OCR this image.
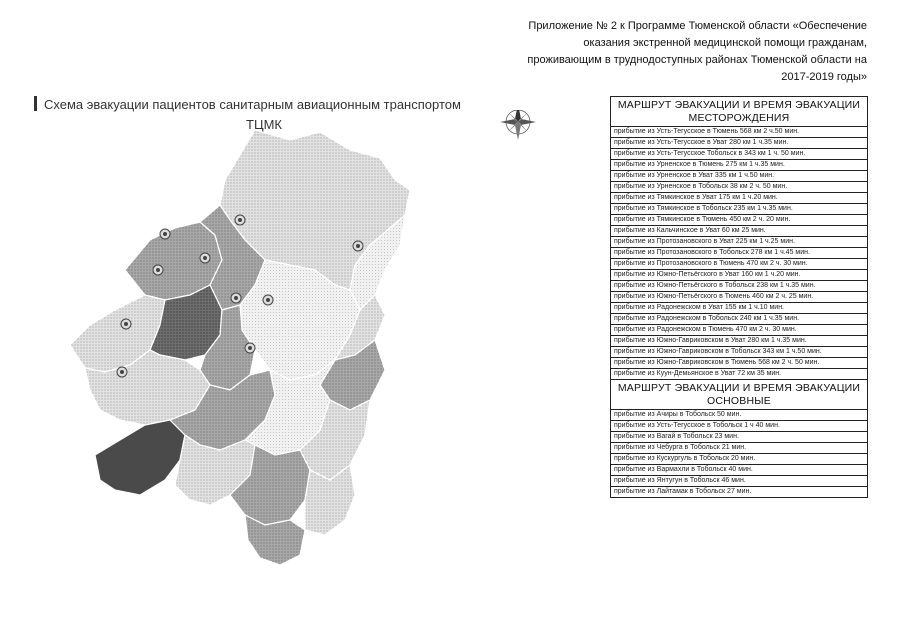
Приложение № 2 к Программе Тюменской области «Обеспечение
оказания экстренной медицинской помощи гражданам,
проживающим в труднодоступных районах Тюменской области на
2017-2019 годы»
Схема эвакуации пациентов санитарным авиационным транспортом
ТЦМК
МАРШРУТ ЭВАКУАЦИИ И ВРЕМЯ ЭВАКУАЦИИ
МЕСТОРОЖДЕНИЯ
прибытие из Усть-Тегусское в Тюмень 568 км 2 ч.50 мин.
прибытие из Усть-Тегусское в Уват 280 км 1 ч.35 мин.
прибытие из Усть-Тегусское Тобольск в 343 км 1 ч. 50 мин.
прибытие из Урненское в Тюмень 275 км 1 ч.35 мин.
прибытие из Урненское в Уват 335 км 1 ч.50 мин.
прибытие из Урненское в Тобольск 38 км 2 ч. 50 мин.
прибытие из Тямкинское в Уват 175 км 1 ч.20 мин.
прибытие из Тямкинское в Тобольск 235 км 1 ч.35 мин.
прибытие из Тямкинское в Тюмень 450 км 2 ч. 20 мин.
прибытие из Кальчинское в Уват 60 км 25 мин.
прибытие из Протозановского в Уват 225 км 1 ч.25 мин.
прибытие из Протозановского в Тобольск 278 км 1 ч.45 мин.
прибытие из Протозановского в Тюмень 470 км 2 ч. 30 мин.
прибытие из Южно-Петьёгского в Уват 160 км 1 ч.20 мин.
прибытие из Южно-Петьёгского в Тобольск 238 км 1 ч.35 мин.
прибытие из Южно-Петьёгского в Тюмень 460 км 2 ч. 25 мин.
прибытие из Радонежском в Уват 155 км 1 ч.10 мин.
прибытие из Радонежском в Тобольск 240 км 1 ч.35 мин.
прибытие из Радонежском в Тюмень 470 км 2 ч. 30 мин.
прибытие из Южно-Гавриковском в Уват 280 км 1 ч.35 мин.
прибытие из Южно-Гавриковском в Тобольск 343 км 1 ч.50 мин.
прибытие из Южно-Гавриковском в Тюмень 568 км 2 ч. 50 мин.
прибытие из Куун-Демьянское в Уват 72 км 35 мин.
МАРШРУТ ЭВАКУАЦИИ И ВРЕМЯ ЭВАКУАЦИИ
ОСНОВНЫЕ
прибытие из Ачиры в Тобольск 50 мин.
прибытие из Усть-Тегусское в Тобольск 1 ч 40 мин.
прибытие из Вагай в Тобольск 23 мин.
прибытие из Чебурга в Тобольск 21 мин.
прибытие из Кускургуль в Тобольск 20 мин.
прибытие из Вармахли в Тобольск 40 мин.
прибытие из Янтугун в Тобольск 46 мин.
прибытие из Лайтамак в Тобольск 27 мин.
